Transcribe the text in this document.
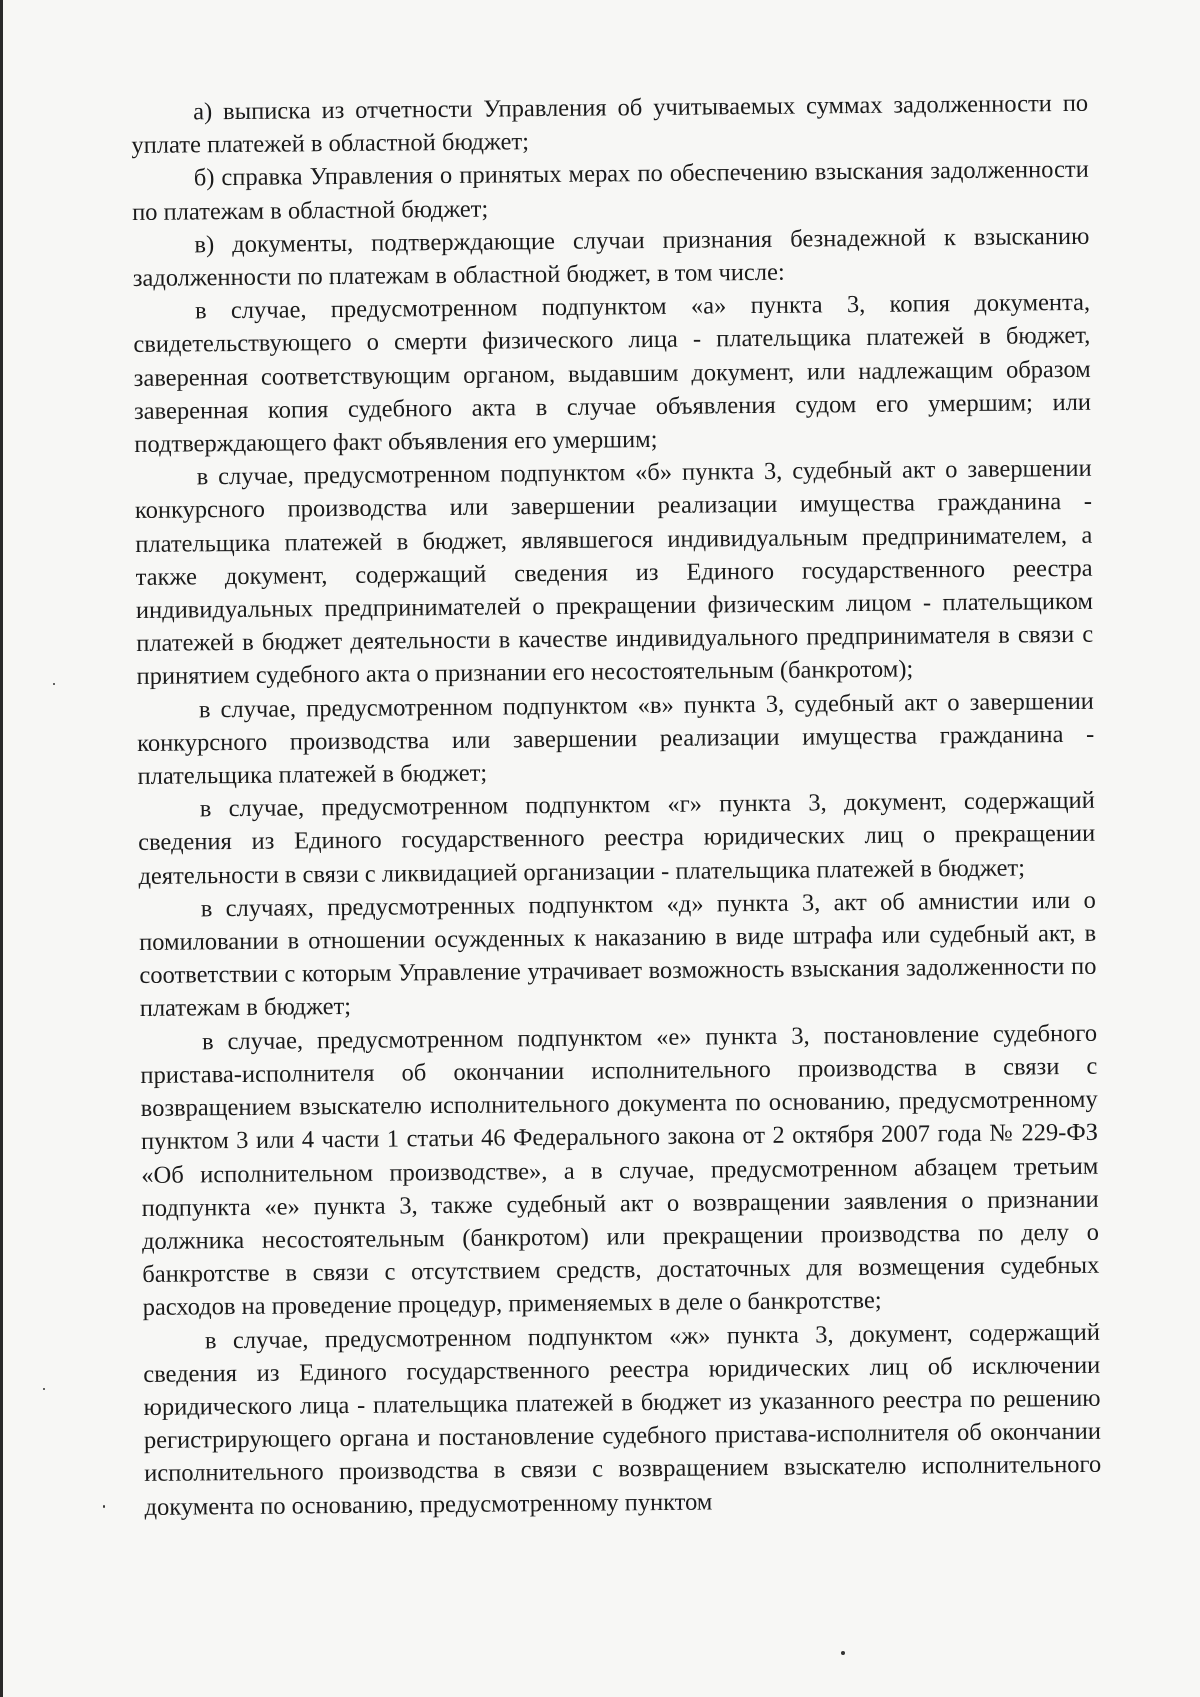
а) выписка из отчетности Управления об учитываемых суммах задолженности по уплате платежей в областной бюджет;

б) справка Управления о принятых мерах по обеспечению взыскания задолженности по платежам в областной бюджет;

в) документы, подтверждающие случаи признания безнадежной к взысканию задолженности по платежам в областной бюджет, в том числе:

в случае, предусмотренном подпунктом «а» пункта 3, копия документа, свидетельствующего о смерти физического лица - плательщика платежей в бюджет, заверенная соответствующим органом, выдавшим документ, или надлежащим образом заверенная копия судебного акта в случае объявления судом его умершим; или подтверждающего факт объявления его умершим;

в случае, предусмотренном подпунктом «б» пункта 3, судебный акт о завершении конкурсного производства или завершении реализации имущества гражданина - плательщика платежей в бюджет, являвшегося индивидуальным предпринимателем, а также документ, содержащий сведения из Единого государственного реестра индивидуальных предпринимателей о прекращении физическим лицом - плательщиком платежей в бюджет деятельности в качестве индивидуального предпринимателя в связи с принятием судебного акта о признании его несостоятельным (банкротом);

в случае, предусмотренном подпунктом «в» пункта 3, судебный акт о завершении конкурсного производства или завершении реализации имущества гражданина - плательщика платежей в бюджет;

в случае, предусмотренном подпунктом «г» пункта 3, документ, содержащий сведения из Единого государственного реестра юридических лиц о прекращении деятельности в связи с ликвидацией организации - плательщика платежей в бюджет;

в случаях, предусмотренных подпунктом «д» пункта 3, акт об амнистии или о помиловании в отношении осужденных к наказанию в виде штрафа или судебный акт, в соответствии с которым Управление утрачивает возможность взыскания задолженности по платежам в бюджет;

в случае, предусмотренном подпунктом «е» пункта 3, постановление судебного пристава-исполнителя об окончании исполнительного производства в связи с возвращением взыскателю исполнительного документа по основанию, предусмотренному пунктом 3 или 4 части 1 статьи 46 Федерального закона от 2 октября 2007 года № 229-ФЗ «Об исполнительном производстве», а в случае, предусмотренном абзацем третьим подпункта «е» пункта 3, также судебный акт о возвращении заявления о признании должника несостоятельным (банкротом) или прекращении производства по делу о банкротстве в связи с отсутствием средств, достаточных для возмещения судебных расходов на проведение процедур, применяемых в деле о банкротстве;

в случае, предусмотренном подпунктом «ж» пункта 3, документ, содержащий сведения из Единого государственного реестра юридических лиц об исключении юридического лица - плательщика платежей в бюджет из указанного реестра по решению регистрирующего органа и постановление судебного пристава-исполнителя об окончании исполнительного производства в связи с возвращением взыскателю исполнительного документа по основанию, предусмотренному пунктом
